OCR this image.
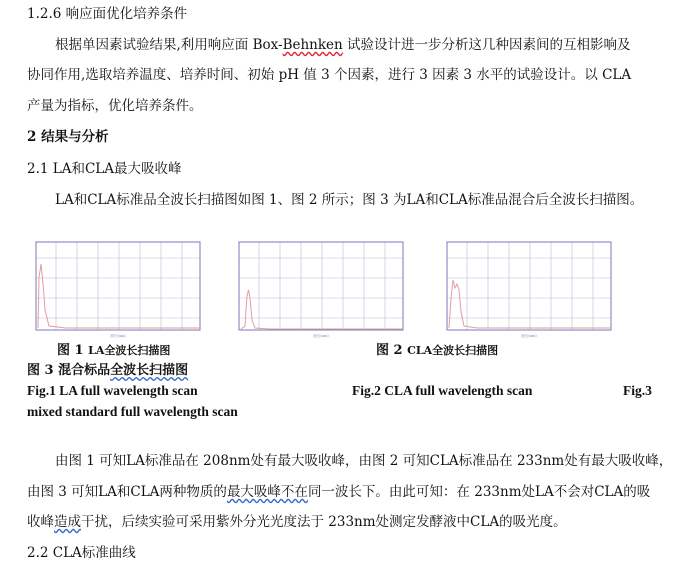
1.2.6 响应面优化培养条件
根据单因素试验结果,利用响应面 Box-Behnken 试验设计进一步分析这几种因素间的互相影响及
协同作用,选取培养温度、培养时间、初始 pH 值 3 个因素，进行 3 因素 3 水平的试验设计。以 CLA
产量为指标，优化培养条件。
2 结果与分析
2.1 LA和CLA最大吸收峰
LA和CLA标准品全波长扫描图如图 1、图 2 所示；图 3 为LA和CLA标准品混合后全波长扫描图。
波长(nm)	波长(nm)	波长(nm)
图 1 LA全波长扫描图	图 2 CLA全波长扫描图
图 3 混合标品全波长扫描图
Fig.1 LA full wavelength scan	Fig.2 CLA full wavelength scan	Fig.3
mixed standard full wavelength scan
由图 1 可知LA标准品在 208nm处有最大吸收峰，由图 2 可知CLA标准品在 233nm处有最大吸收峰，
由图 3 可知LA和CLA两种物质的最大吸峰不在同一波长下。由此可知：在 233nm处LA不会对CLA的吸
收峰造成干扰，后续实验可采用紫外分光光度法于 233nm处测定发酵液中CLA的吸光度。
2.2 CLA标准曲线
